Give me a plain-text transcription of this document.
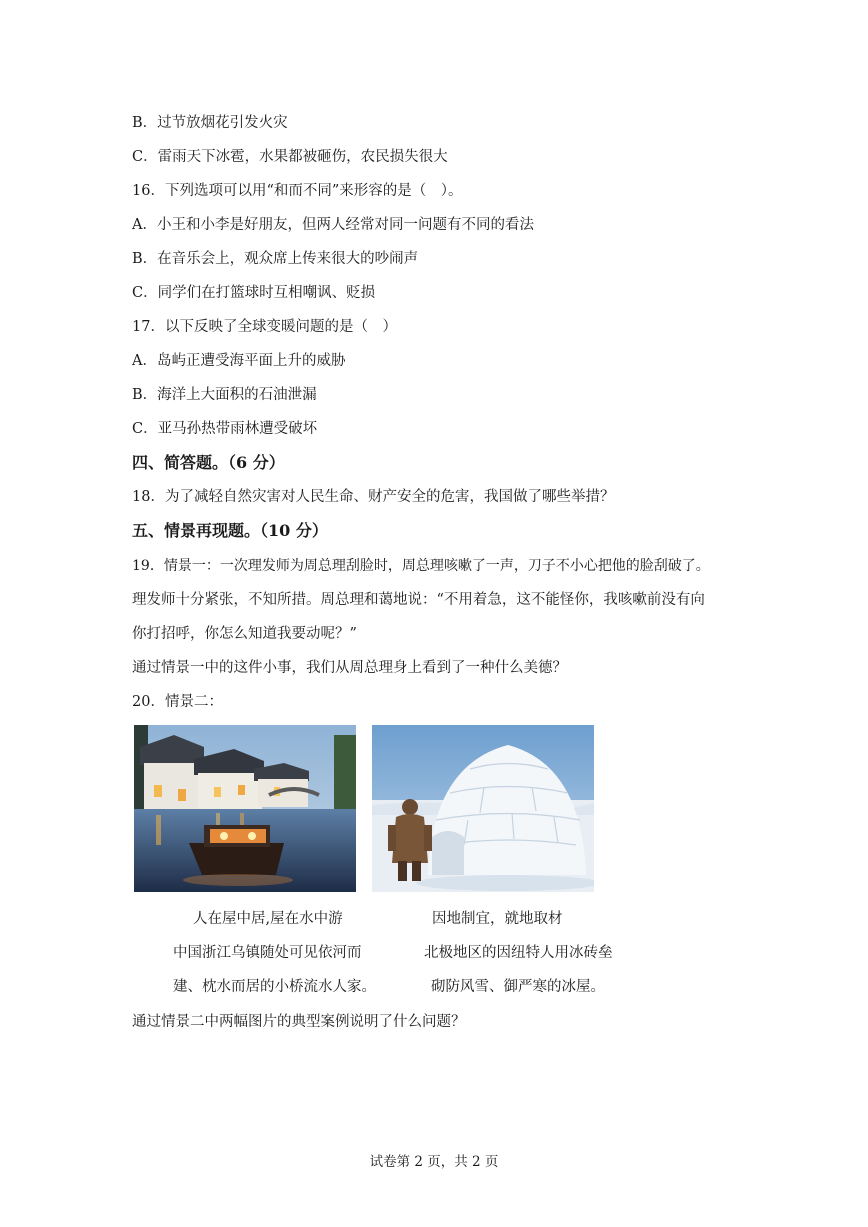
B．过节放烟花引发火灾
C．雷雨天下冰雹，水果都被砸伤，农民损失很大
16．下列选项可以用“和而不同”来形容的是（　）。
A．小王和小李是好朋友，但两人经常对同一问题有不同的看法
B．在音乐会上，观众席上传来很大的吵闹声
C．同学们在打篮球时互相嘲讽、贬损
17．以下反映了全球变暖问题的是（　）
A．岛屿正遭受海平面上升的威胁
B．海洋上大面积的石油泄漏
C．亚马孙热带雨林遭受破坏
四、简答题。（6 分）
18．为了减轻自然灾害对人民生命、财产安全的危害，我国做了哪些举措？
五、情景再现题。（10 分）
19．情景一：一次理发师为周总理刮脸时，周总理咳嗽了一声，刀子不小心把他的脸刮破了。
理发师十分紧张，不知所措。周总理和蔼地说：“不用着急，这不能怪你，我咳嗽前没有向
你打招呼，你怎么知道我要动呢？”
通过情景一中的这件小事，我们从周总理身上看到了一种什么美德？
20．情景二：
人在屋中居,屋在水中游
中国浙江乌镇随处可见依河而
建、枕水而居的小桥流水人家。
因地制宜，就地取材
北极地区的因纽特人用冰砖垒
砌防风雪、御严寒的冰屋。
通过情景二中两幅图片的典型案例说明了什么问题？
试卷第 2 页，共 2 页
